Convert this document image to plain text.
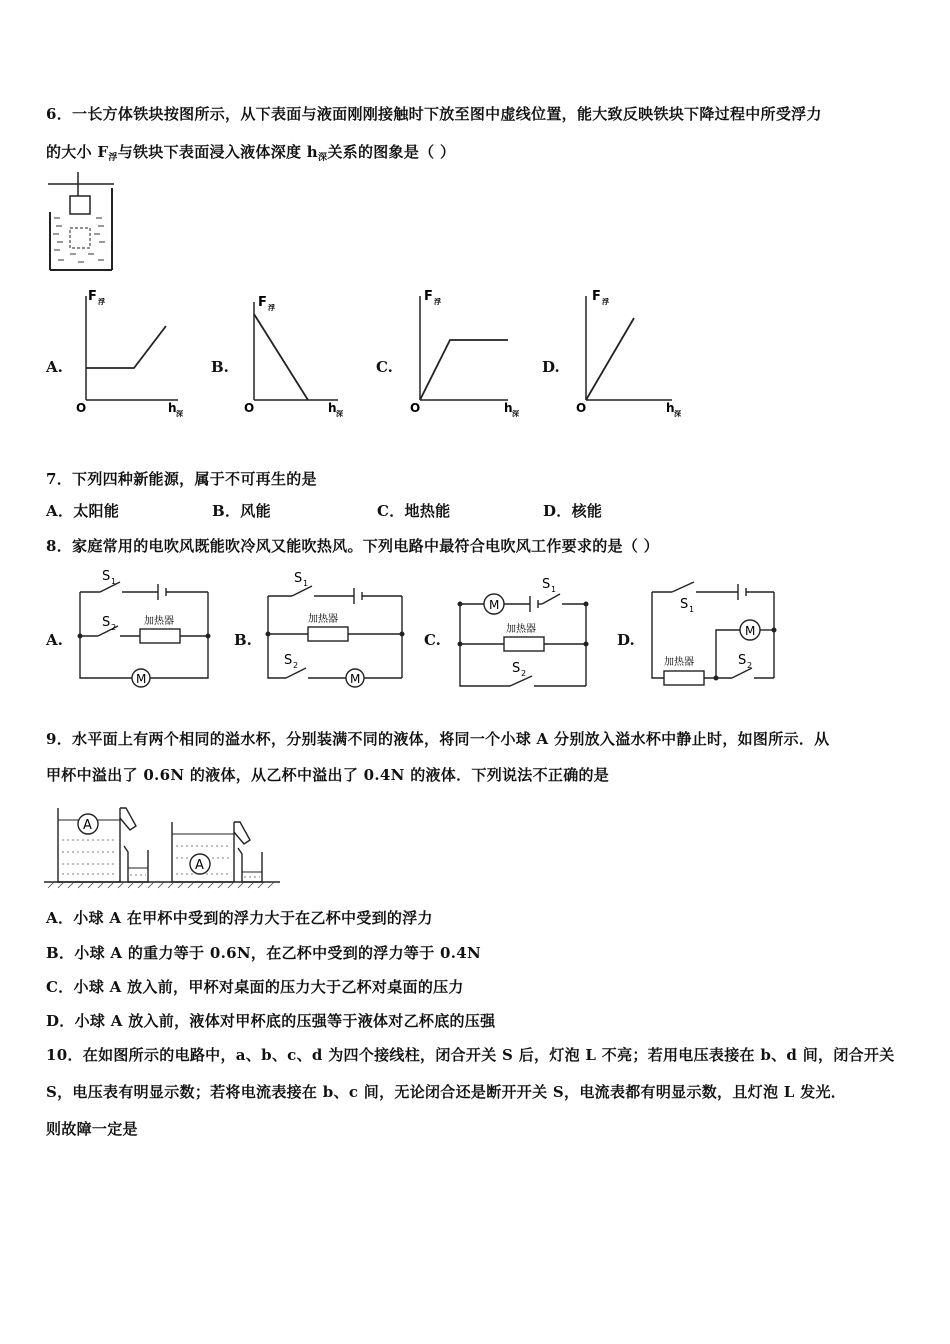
6．一长方体铁块按图所示，从下表面与液面刚刚接触时下放至图中虚线位置，能大致反映铁块下降过程中所受浮力
的大小 $F_浮$与铁块下表面浸入液体深度 $h_深$关系的图象是（ ）
A.
F 浮
O	h 深
B.
F 浮
O	h 深
C.
F 浮
O	h 深
D.
F 浮
O	h 深
7．下列四种新能源，属于不可再生的是
A．太阳能	B．风能	C．地热能	D．核能
8．家庭常用的电吹风既能吹冷风又能吹热风。下列电路中最符合电吹风工作要求的是（ ）
A.
S 1
S 2
加热器
M
B.
S 1
加热器
S 2
M
C.
M
S 1
加热器
S 2
D.
S 1
M
加热器	S 2
9．水平面上有两个相同的溢水杯，分别装满不同的液体，将同一个小球 A 分别放入溢水杯中静止时，如图所示．从
甲杯中溢出了 0.6N 的液体，从乙杯中溢出了 0.4N 的液体．下列说法不正确的是
A
A
A．小球 A 在甲杯中受到的浮力大于在乙杯中受到的浮力
B．小球 A 的重力等于 0.6N，在乙杯中受到的浮力等于 0.4N
C．小球 A 放入前，甲杯对桌面的压力大于乙杯对桌面的压力
D．小球 A 放入前，液体对甲杯底的压强等于液体对乙杯底的压强
10．在如图所示的电路中，a、b、c、d 为四个接线柱，闭合开关 S 后，灯泡 L 不亮；若用电压表接在 b、d 间，闭合开关
S，电压表有明显示数；若将电流表接在 b、c 间，无论闭合还是断开开关 S，电流表都有明显示数，且灯泡 L 发光．
则故障一定是
